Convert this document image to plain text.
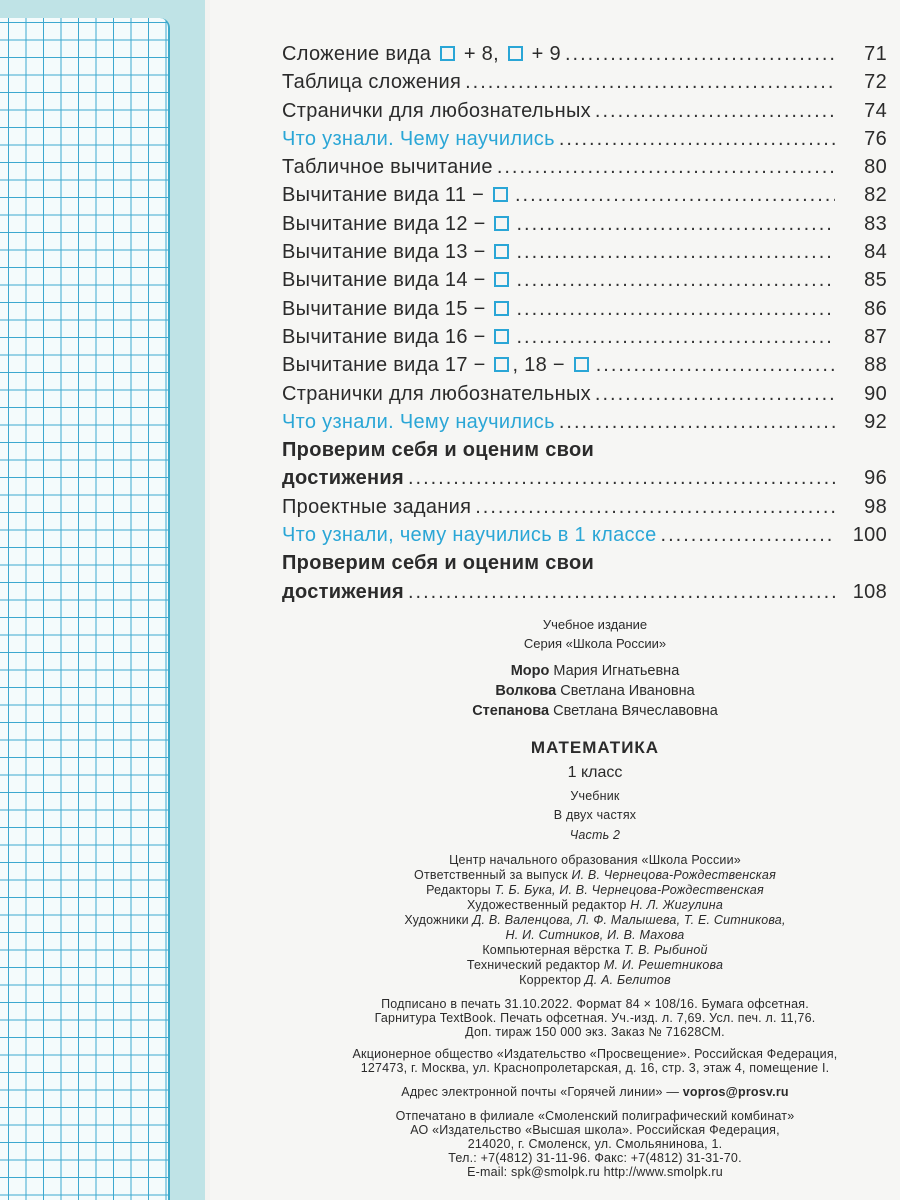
Сложение вида  + 8,  + 9 .....	71
Таблица сложения .....	72
Странички для любознательных .....	74
Что узнали. Чему научились .....	76
Табличное вычитание .....	80
Вычитание вида 11 − .....	82
Вычитание вида 12 − .....	83
Вычитание вида 13 − .....	84
Вычитание вида 14 − .....	85
Вычитание вида 15 − .....	86
Вычитание вида 16 − .....	87
Вычитание вида 17 − , 18 − .....	88
Странички для любознательных .....	90
Что узнали. Чему научились .....	92
Проверим себя и оценим свои
достижения .....	96
Проектные задания .....	98
Что узнали, чему научились в 1 классе .....	100
Проверим себя и оценим свои
достижения .....	108
Учебное издание
Серия «Школа России»
Моро Мария Игнатьевна
Волкова Светлана Ивановна
Степанова Светлана Вячеславовна
МАТЕМАТИКА
1 класс
Учебник
В двух частях
Часть 2
Центр начального образования «Школа России»
Ответственный за выпуск И. В. Чернецова-Рождественская
Редакторы Т. Б. Бука, И. В. Чернецова-Рождественская
Художественный редактор Н. Л. Жигулина
Художники Д. В. Валенцова, Л. Ф. Малышева, Т. Е. Ситникова,
Н. И. Ситников, И. В. Махова
Компьютерная вёрстка Т. В. Рыбиной
Технический редактор М. И. Решетникова
Корректор Д. А. Белитов
Подписано в печать 31.10.2022. Формат 84 × 108/16. Бумага офсетная.
Гарнитура TextBook. Печать офсетная. Уч.-изд. л. 7,69. Усл. печ. л. 11,76.
Доп. тираж 150 000 экз. Заказ № 71628СМ.
Акционерное общество «Издательство «Просвещение». Российская Федерация,
127473, г. Москва, ул. Краснопролетарская, д. 16, стр. 3, этаж 4, помещение I.
Адрес электронной почты «Горячей линии» — vopros@prosv.ru
Отпечатано в филиале «Смоленский полиграфический комбинат»
АО «Издательство «Высшая школа». Российская Федерация,
214020, г. Смоленск, ул. Смольянинова, 1.
Тел.: +7(4812) 31-11-96. Факс: +7(4812) 31-31-70.
E-mail: spk@smolpk.ru http://www.smolpk.ru
